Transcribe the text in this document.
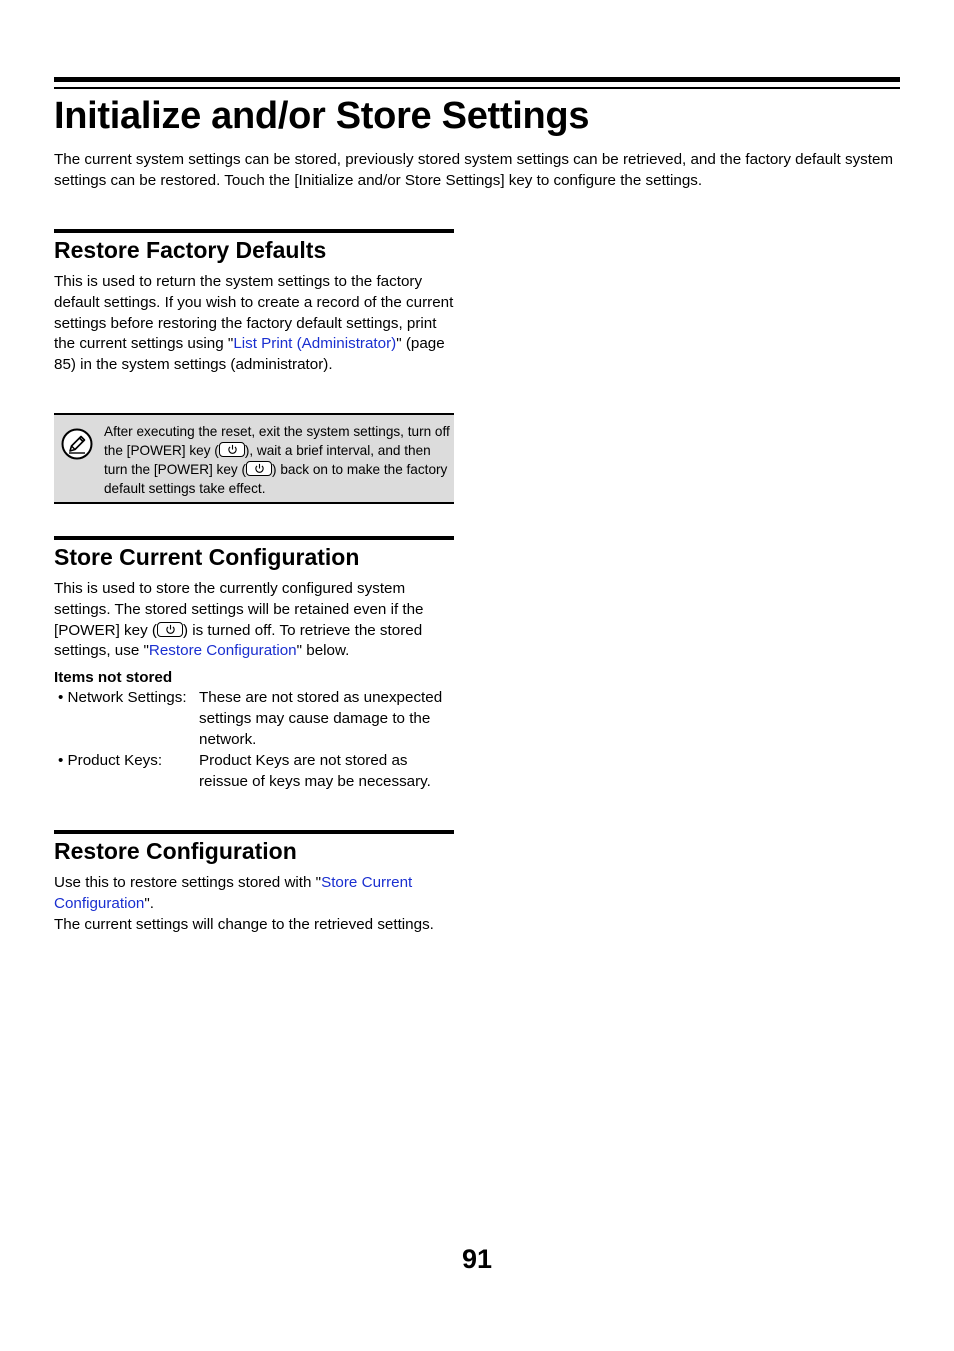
Initialize and/or Store Settings

The current system settings can be stored, previously stored system settings can be retrieved, and the factory default system settings can be restored. Touch the [Initialize and/or Store Settings] key to configure the settings.

Restore Factory Defaults

This is used to return the system settings to the factory default settings. If you wish to create a record of the current settings before restoring the factory default settings, print the current settings using "List Print (Administrator)" (page 85) in the system settings (administrator).

After executing the reset, exit the system settings, turn off the [POWER] key ( ), wait a brief interval, and then turn the [POWER] key ( ) back on to make the factory default settings take effect.

Store Current Configuration

This is used to store the currently configured system settings. The stored settings will be retained even if the [POWER] key ( ) is turned off. To retrieve the stored settings, use "Restore Configuration" below.

Items not stored

• Network Settings: These are not stored as unexpected settings may cause damage to the network.
• Product Keys: Product Keys are not stored as reissue of keys may be necessary.
Restore Configuration

Use this to restore settings stored with "Store Current Configuration".
The current settings will change to the retrieved settings.

91
